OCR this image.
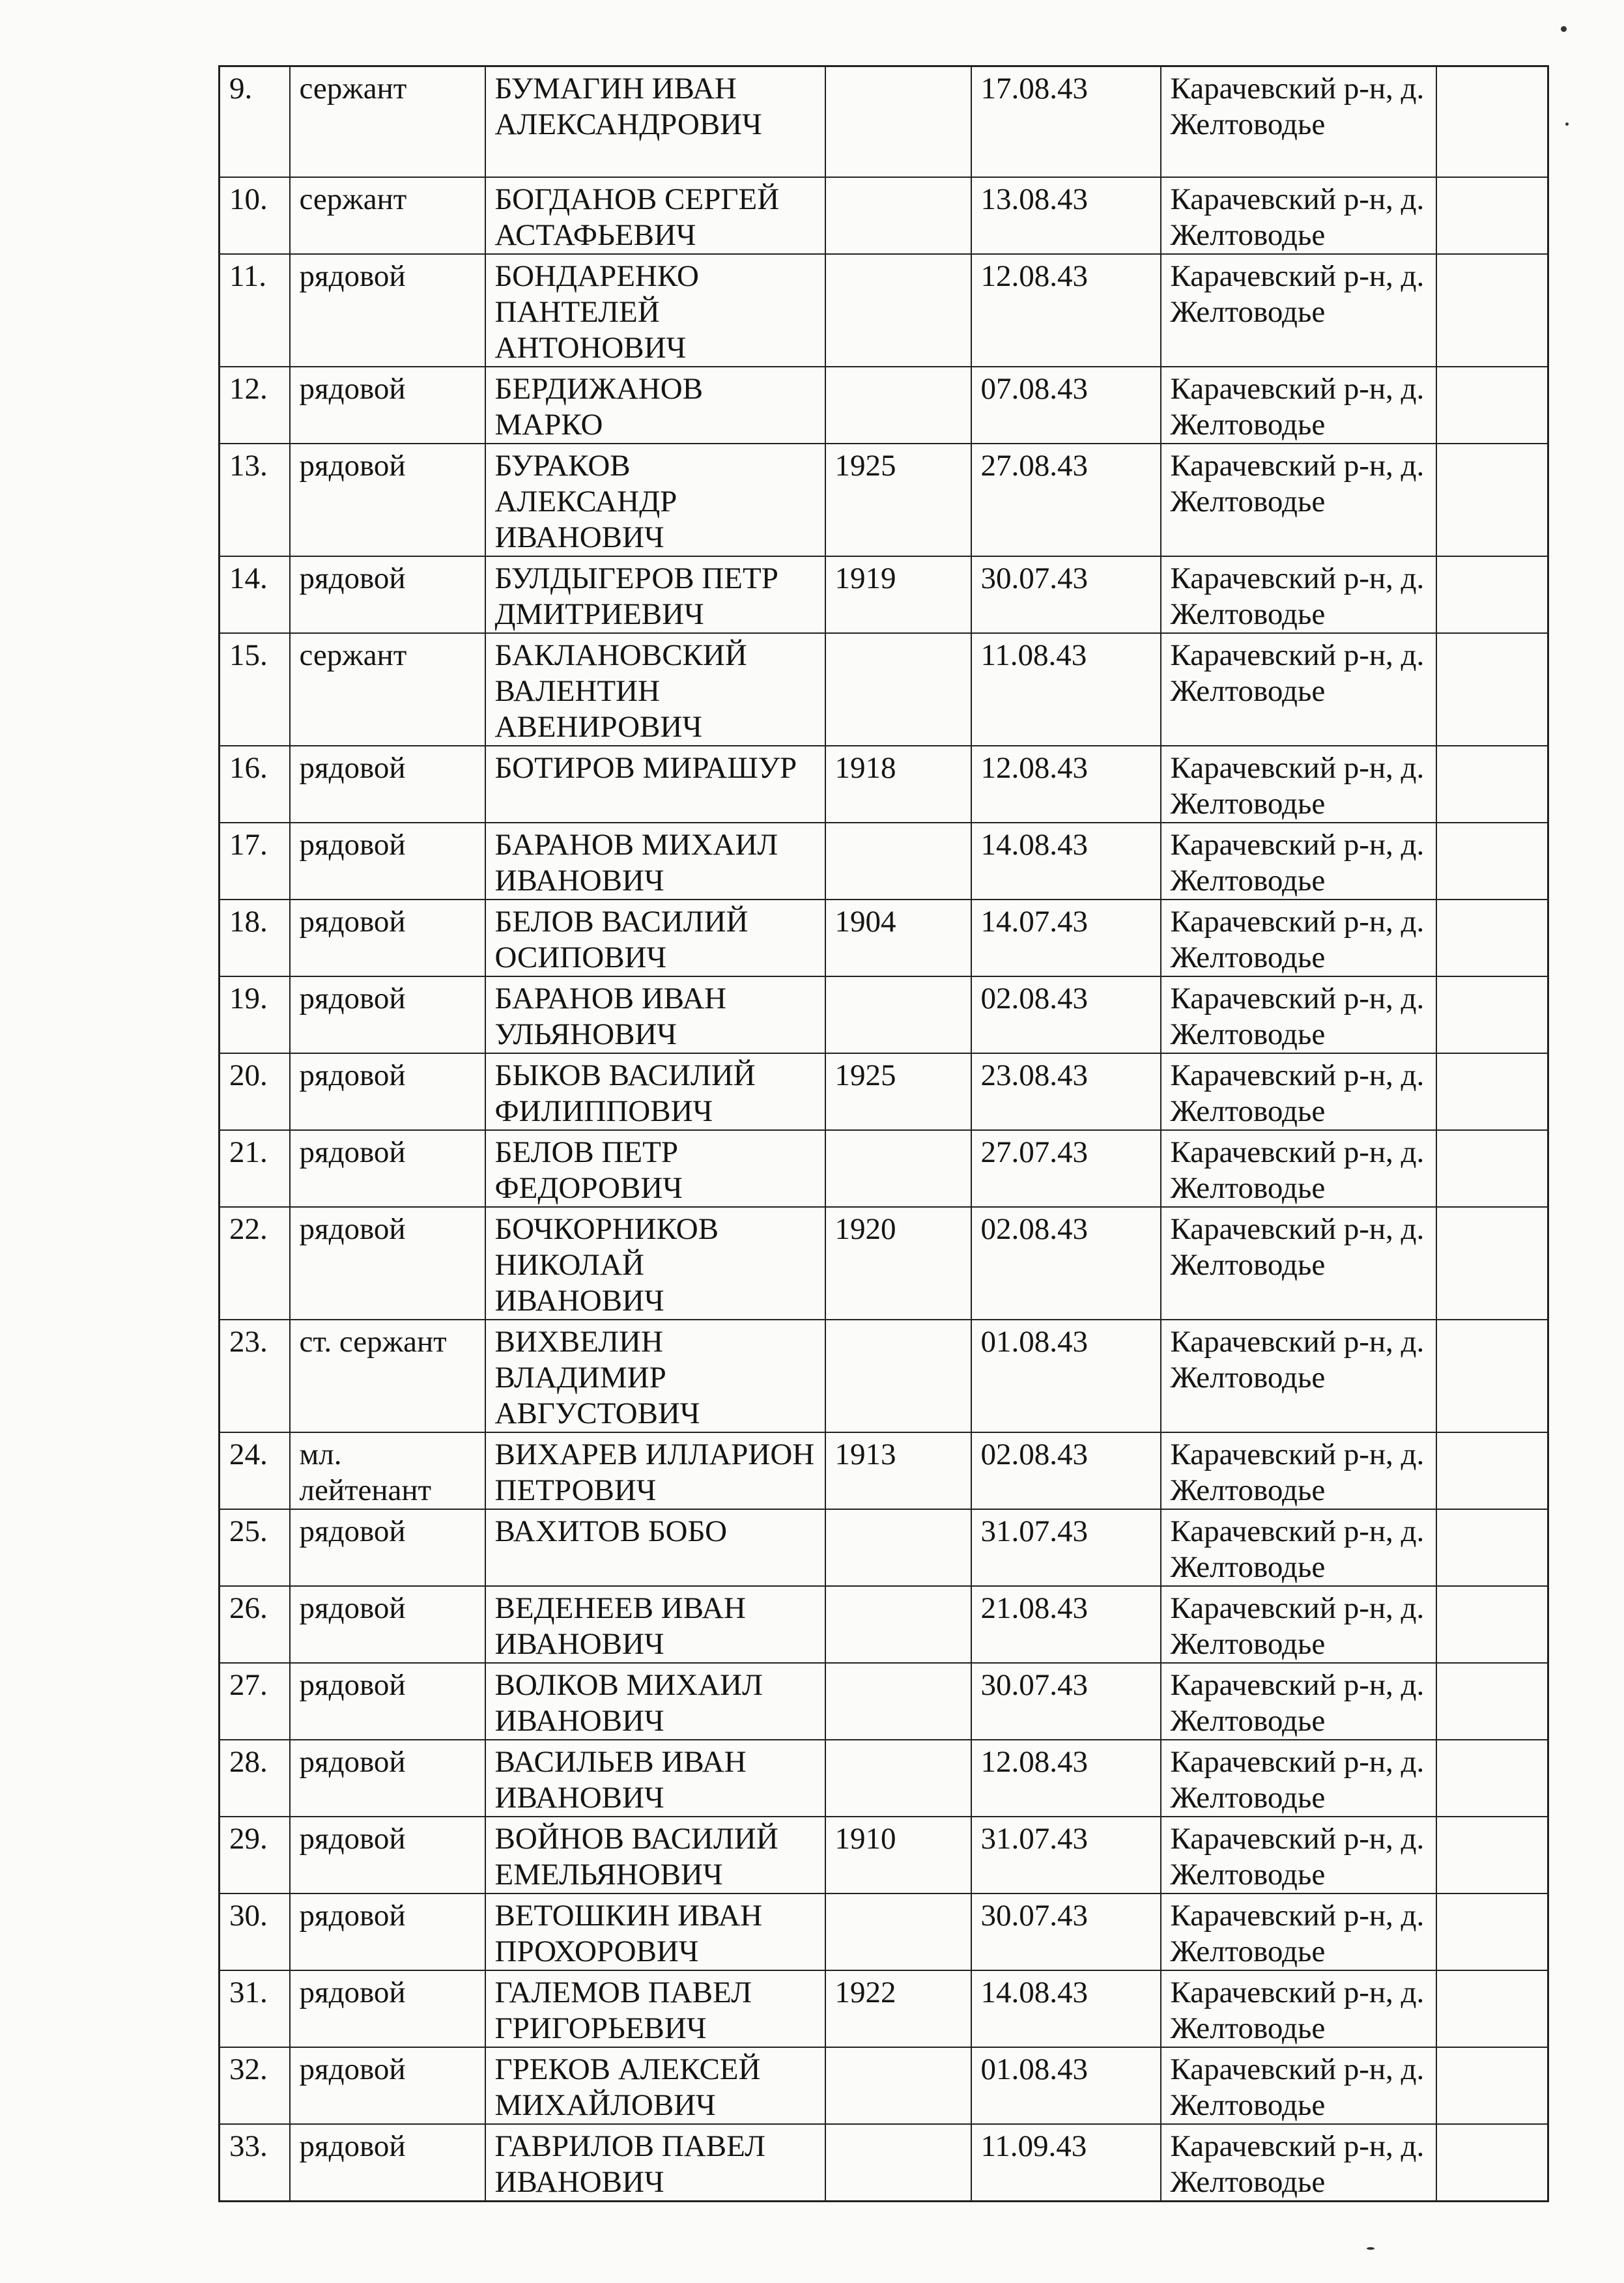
9.	сержант	БУМАГИН ИВАН АЛЕКСАНДРОВИЧ		17.08.43	Карачевский р-н, д. Желтоводье	
10.	сержант	БОГДАНОВ СЕРГЕЙ АСТАФЬЕВИЧ		13.08.43	Карачевский р-н, д. Желтоводье	
11.	рядовой	БОНДАРЕНКО ПАНТЕЛЕЙ АНТОНОВИЧ		12.08.43	Карачевский р-н, д. Желтоводье	
12.	рядовой	БЕРДИЖАНОВ МАРКО		07.08.43	Карачевский р-н, д. Желтоводье	
13.	рядовой	БУРАКОВ АЛЕКСАНДР ИВАНОВИЧ	1925	27.08.43	Карачевский р-н, д. Желтоводье	
14.	рядовой	БУЛДЫГЕРОВ ПЕТР ДМИТРИЕВИЧ	1919	30.07.43	Карачевский р-н, д. Желтоводье	
15.	сержант	БАКЛАНОВСКИЙ ВАЛЕНТИН АВЕНИРОВИЧ		11.08.43	Карачевский р-н, д. Желтоводье	
16.	рядовой	БОТИРОВ МИРАШУР	1918	12.08.43	Карачевский р-н, д. Желтоводье	
17.	рядовой	БАРАНОВ МИХАИЛ ИВАНОВИЧ		14.08.43	Карачевский р-н, д. Желтоводье	
18.	рядовой	БЕЛОВ ВАСИЛИЙ ОСИПОВИЧ	1904	14.07.43	Карачевский р-н, д. Желтоводье	
19.	рядовой	БАРАНОВ ИВАН УЛЬЯНОВИЧ		02.08.43	Карачевский р-н, д. Желтоводье	
20.	рядовой	БЫКОВ ВАСИЛИЙ ФИЛИППОВИЧ	1925	23.08.43	Карачевский р-н, д. Желтоводье	
21.	рядовой	БЕЛОВ ПЕТР ФЕДОРОВИЧ		27.07.43	Карачевский р-н, д. Желтоводье	
22.	рядовой	БОЧКОРНИКОВ НИКОЛАЙ ИВАНОВИЧ	1920	02.08.43	Карачевский р-н, д. Желтоводье	
23.	ст. сержант	ВИХВЕЛИН ВЛАДИМИР АВГУСТОВИЧ		01.08.43	Карачевский р-н, д. Желтоводье	
24.	мл. лейтенант	ВИХАРЕВ ИЛЛАРИОН ПЕТРОВИЧ	1913	02.08.43	Карачевский р-н, д. Желтоводье	
25.	рядовой	ВАХИТОВ БОБО		31.07.43	Карачевский р-н, д. Желтоводье	
26.	рядовой	ВЕДЕНЕЕВ ИВАН ИВАНОВИЧ		21.08.43	Карачевский р-н, д. Желтоводье	
27.	рядовой	ВОЛКОВ МИХАИЛ ИВАНОВИЧ		30.07.43	Карачевский р-н, д. Желтоводье	
28.	рядовой	ВАСИЛЬЕВ ИВАН ИВАНОВИЧ		12.08.43	Карачевский р-н, д. Желтоводье	
29.	рядовой	ВОЙНОВ ВАСИЛИЙ ЕМЕЛЬЯНОВИЧ	1910	31.07.43	Карачевский р-н, д. Желтоводье	
30.	рядовой	ВЕТОШКИН ИВАН ПРОХОРОВИЧ		30.07.43	Карачевский р-н, д. Желтоводье	
31.	рядовой	ГАЛЕМОВ ПАВЕЛ ГРИГОРЬЕВИЧ	1922	14.08.43	Карачевский р-н, д. Желтоводье	
32.	рядовой	ГРЕКОВ АЛЕКСЕЙ МИХАЙЛОВИЧ		01.08.43	Карачевский р-н, д. Желтоводье	
33.	рядовой	ГАВРИЛОВ ПАВЕЛ ИВАНОВИЧ		11.09.43	Карачевский р-н, д. Желтоводье	
